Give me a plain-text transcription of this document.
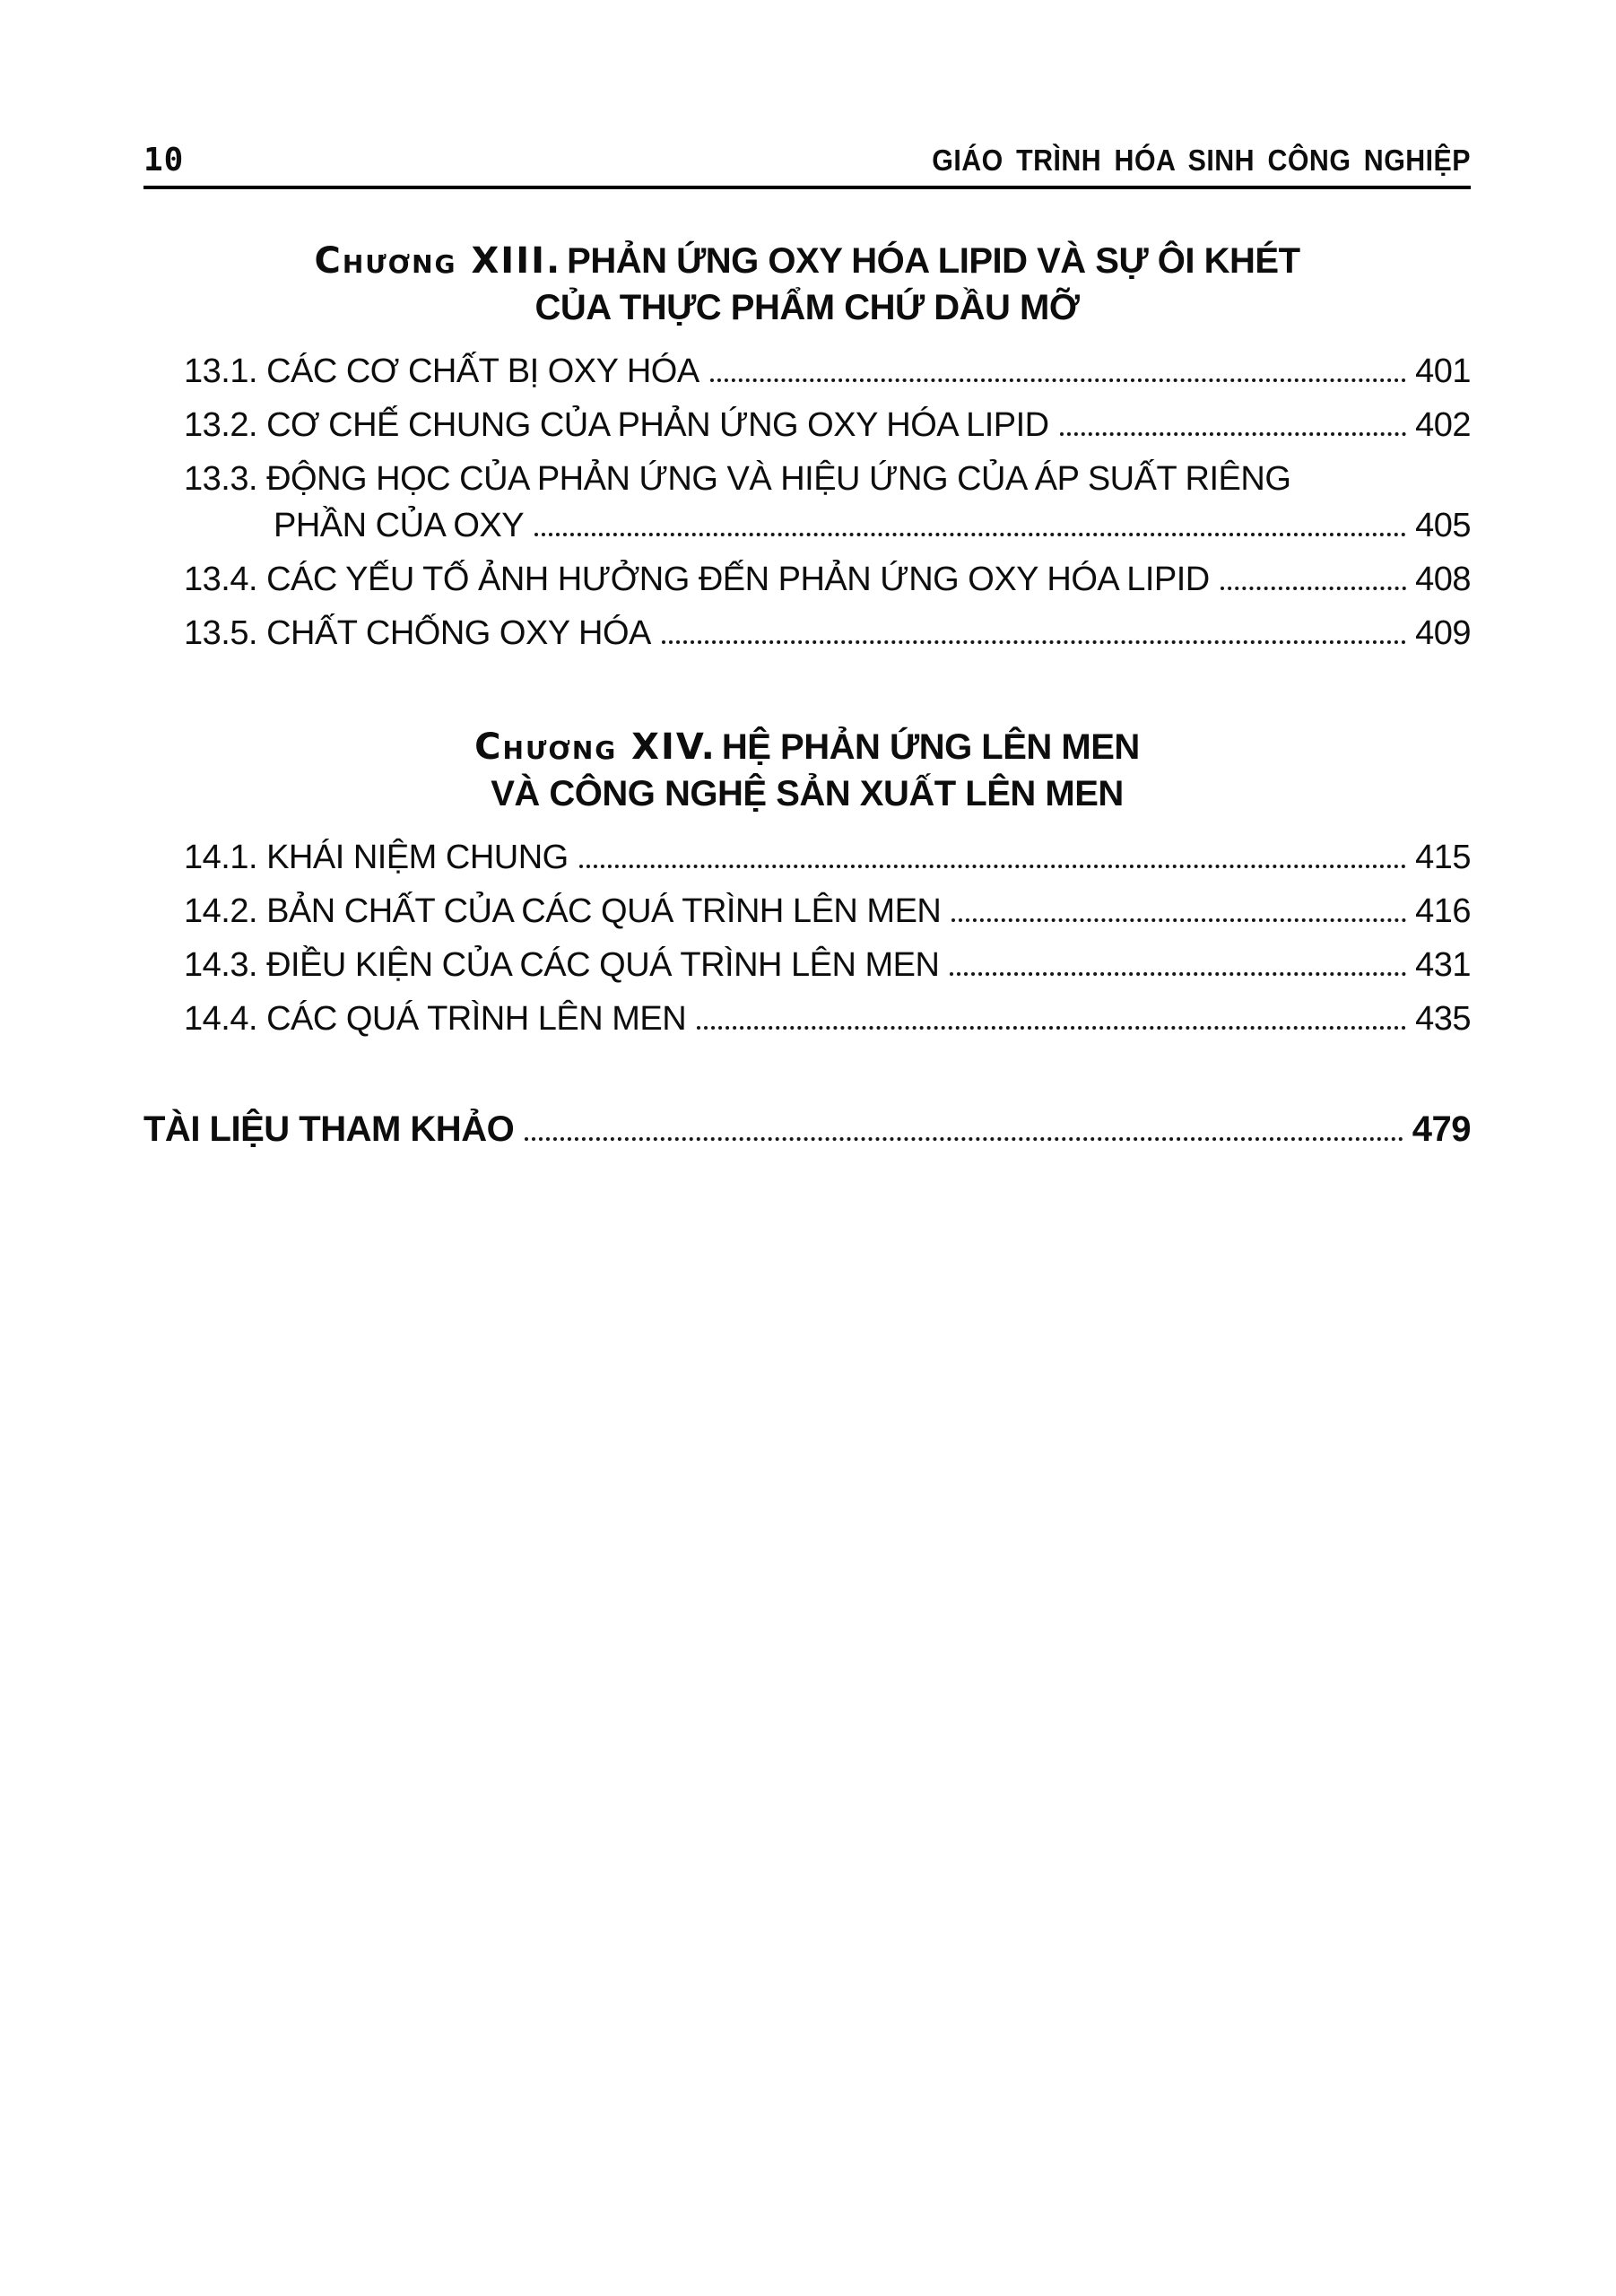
10	GIÁO TRÌNH HÓA SINH CÔNG NGHIỆP
Chương XIII. PHẢN ỨNG OXY HÓA LIPID VÀ SỰ ÔI KHÉT
CỦA THỰC PHẨM CHỨ DẦU MỠ
13.1. CÁC CƠ CHẤT BỊ OXY HÓA	401
13.2. CƠ CHẾ CHUNG CỦA PHẢN ỨNG OXY HÓA LIPID	402
13.3. ĐỘNG HỌC CỦA PHẢN ỨNG VÀ HIỆU ỨNG CỦA ÁP SUẤT RIÊNG
PHẦN CỦA OXY	405
13.4. CÁC YẾU TỐ ẢNH HƯỞNG ĐẾN PHẢN ỨNG OXY HÓA LIPID	408
13.5. CHẤT CHỐNG OXY HÓA	409
Chương XIV. HỆ PHẢN ỨNG LÊN MEN
VÀ CÔNG NGHỆ SẢN XUẤT LÊN MEN
14.1. KHÁI NIỆM CHUNG	415
14.2. BẢN CHẤT CỦA CÁC QUÁ TRÌNH LÊN MEN	416
14.3. ĐIỀU KIỆN CỦA CÁC QUÁ TRÌNH LÊN MEN	431
14.4. CÁC QUÁ TRÌNH LÊN MEN	435
TÀI LIỆU THAM KHẢO	479
